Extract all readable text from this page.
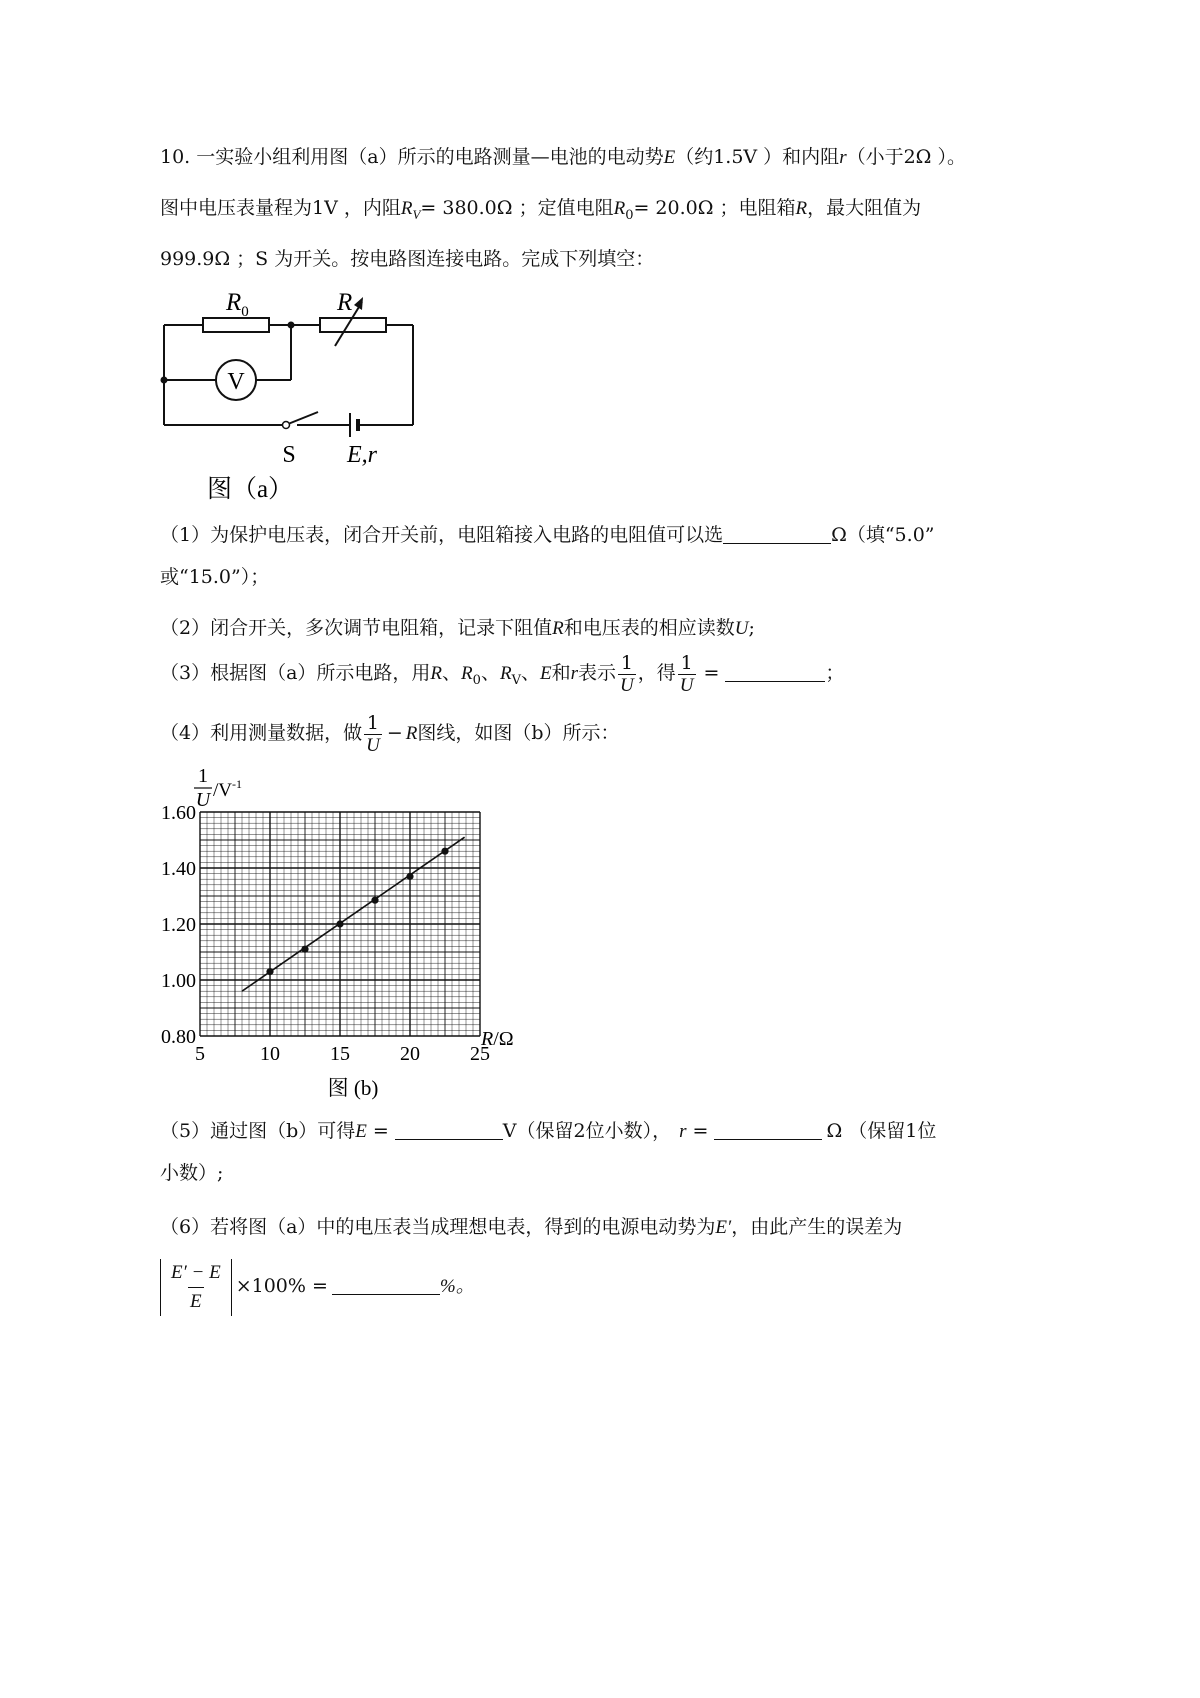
10. 一实验小组利用图（a）所示的电路测量—电池的电动势E（约1.5V ）和内阻r（小于2Ω ）。
图中电压表量程为1V ，内阻$R_V= 380.0\Omega$ ；定值电阻$R_0= 20.0\Omega$ ；电阻箱R，最大阻值为
999.9Ω ；S 为开关。按电路图连接电路。完成下列填空：
$R_0$	R
V
S E,r
图（a）
（1）为保护电压表，闭合开关前，电阻箱接入电路的电阻值可以选	Ω（填“5.0”
或“15.0”）；
（2）闭合开关，多次调节电阻箱，记录下阻值R和电压表的相应读数U;
（3）根据图（a）所示电路，用R、$R_0$、$R_V$、E和r表示 $\frac{1}{U}$ ，得 $\frac{1}{U}$ =	；
（4）利用测量数据，做 $\frac{1}{U} - R$图线，如图（b）所示：
5	10	15	20	25
0.80
1.00
1.20
1.40
1.60
1
U $/V^{-1}$
R/Ω
图 (b)
（5）通过图（b）可得E =	V（保留2位小数）， r =	Ω （保留1位
小数）;
（6）若将图（a）中的电压表当成理想电表，得到的电源电动势为E′，由此产生的误差为
$\frac{E' - E}{E} \times 100\%$ =	%。
